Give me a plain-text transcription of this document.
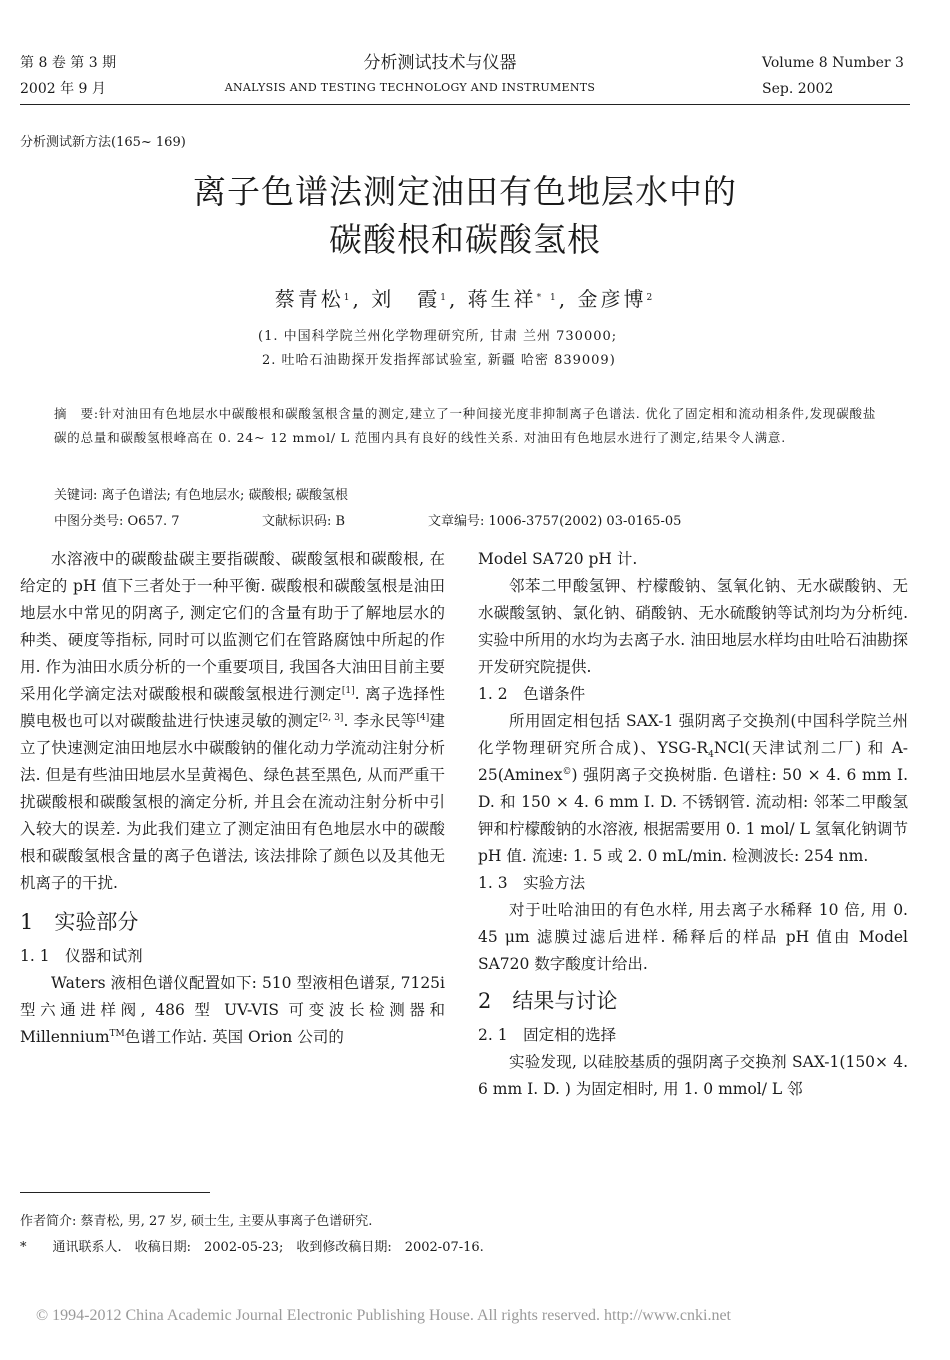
第 8 卷 第 3 期
2002 年 9 月
分析测试技术与仪器
ANALYSIS AND TESTING TECHNOLOGY AND INSTRUMENTS
Volume 8 Number 3
Sep. 2002
分析测试新方法(165~ 169)
离子色谱法测定油田有色地层水中的
碳酸根和碳酸氢根
蔡青松$^1$, 刘　霞$^1$, 蒋生祥$^{* 1}$, 金彦博$^2$
(1. 中国科学院兰州化学物理研究所, 甘肃 兰州 730000;
2. 吐哈石油勘探开发指挥部试验室, 新疆 哈密 839009)
摘　要:针对油田有色地层水中碳酸根和碳酸氢根含量的测定,建立了一种间接光度非抑制离子色谱法. 优化了固定相和流动相条件,发现碳酸盐碳的总量和碳酸氢根峰高在 0. 24~ 12 mmol/ L 范围内具有良好的线性关系. 对油田有色地层水进行了测定,结果令人满意.
关键词: 离子色谱法; 有色地层水; 碳酸根; 碳酸氢根
中图分类号: O657. 7	文献标识码: B	文章编号: 1006-3757(2002) 03-0165-05

水溶液中的碳酸盐碳主要指碳酸、碳酸氢根和碳酸根, 在给定的 pH 值下三者处于一种平衡. 碳酸根和碳酸氢根是油田地层水中常见的阴离子, 测定它们的含量有助于了解地层水的种类、硬度等指标, 同时可以监测它们在管路腐蚀中所起的作用. 作为油田水质分析的一个重要项目, 我国各大油田目前主要采用化学滴定法对碳酸根和碳酸氢根进行测定[1]. 离子选择性膜电极也可以对碳酸盐进行快速灵敏的测定[2, 3]. 李永民等[4]建立了快速测定油田地层水中碳酸钠的催化动力学流动注射分析法. 但是有些油田地层水呈黄褐色、绿色甚至黑色, 从而严重干扰碳酸根和碳酸氢根的滴定分析, 并且会在流动注射分析中引入较大的误差. 为此我们建立了测定油田有色地层水中的碳酸根和碳酸氢根含量的离子色谱法, 该法排除了颜色以及其他无机离子的干扰.

1　实验部分
1. 1　仪器和试剂

Waters 液相色谱仪配置如下: 510 型液相色谱泵, 7125i 型六通进样阀, 486 型 UV-VIS 可变波长检测器和 Millennium™色谱工作站. 英国 Orion 公司的

Model SA720 pH 计.

邻苯二甲酸氢钾、柠檬酸钠、氢氧化钠、无水碳酸钠、无水碳酸氢钠、氯化钠、硝酸钠、无水硫酸钠等试剂均为分析纯. 实验中所用的水均为去离子水. 油田地层水样均由吐哈石油勘探开发研究院提供.

1. 2　色谱条件

所用固定相包括 SAX-1 强阴离子交换剂(中国科学院兰州化学物理研究所合成)、YSG-$R_4NCl$(天津试剂二厂) 和 A-25(Aminex©) 强阴离子交换树脂. 色谱柱: 50 × 4. 6 mm I. D. 和 150 × 4. 6 mm I. D. 不锈钢管. 流动相: 邻苯二甲酸氢钾和柠檬酸钠的水溶液, 根据需要用 0. 1 mol/ L 氢氧化钠调节 pH 值. 流速: 1. 5 或 2. 0 mL/min. 检测波长: 254 nm.

1. 3　实验方法

对于吐哈油田的有色水样, 用去离子水稀释 10 倍, 用 0. 45 μm 滤膜过滤后进样. 稀释后的样品 pH 值由 Model SA720 数字酸度计给出.

2　结果与讨论
2. 1　固定相的选择

实验发现, 以硅胶基质的强阴离子交换剂 SAX-1(150× 4. 6 mm I. D. ) 为固定相时, 用 1. 0 mmol/ L 邻

作者简介: 蔡青松, 男, 27 岁, 硕士生, 主要从事离子色谱研究.
*　　通讯联系人.　收稿日期:　2002-05-23;　收到修改稿日期:　2002-07-16.
© 1994-2012 China Academic Journal Electronic Publishing House. All rights reserved. http://www.cnki.net
